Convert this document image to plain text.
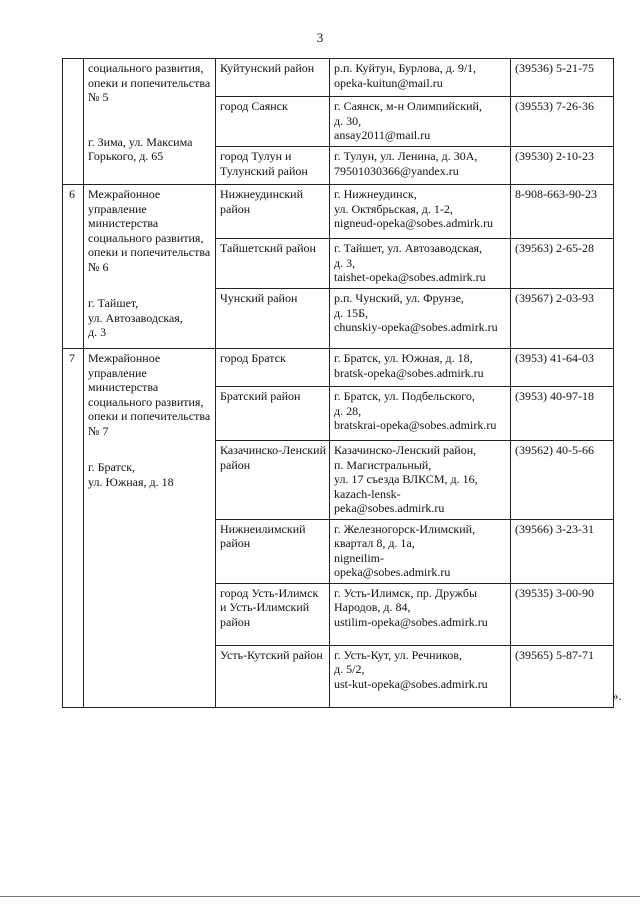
3

	социального развития, опеки и попечительства № 5
г. Зима, ул. Максима Горького, д. 65	Куйтунский район	р.п. Куйтун, Бурлова, д. 9/1,
opeka-kuitun@mail.ru	(39536) 5-21-75
		город Саянск	г. Саянск, м-н Олимпийский,
д. 30,
ansay2011@mail.ru	(39553) 7-26-36
		город Тулун и Тулунский район	г. Тулун, ул. Ленина, д. 30А,
79501030366@yandex.ru	(39530) 2-10-23
6	Межрайонное управление министерства социального развития, опеки и попечительства № 6
г. Тайшет,
ул. Автозаводская,
д. 3	Нижнеудинский район	г. Нижнеудинск,
ул. Октябрьская, д. 1-2,
nigneud-opeka@sobes.admirk.ru	8-908-663-90-23
		Тайшетский район	г. Тайшет, ул. Автозаводская,
д. 3,
taishet-opeka@sobes.admirk.ru	(39563) 2-65-28
		Чунский район	р.п. Чунский, ул. Фрунзе,
д. 15Б,
chunskiy-opeka@sobes.admirk.ru	(39567) 2-03-93
7	Межрайонное управление министерства социального развития, опеки и попечительства № 7
г. Братск,
ул. Южная, д. 18	город Братск	г. Братск, ул. Южная, д. 18,
bratsk-opeka@sobes.admirk.ru	(3953) 41-64-03
		Братский район	г. Братск, ул. Подбельского,
д. 28,
bratskrai-opeka@sobes.admirk.ru	(3953) 40-97-18
		Казачинско-Ленский район	Казачинско-Ленский район,
п. Магистральный,
ул. 17 съезда ВЛКСМ, д. 16,
kazach-lensk-
peka@sobes.admirk.ru	(39562) 40-5-66
		Нижнеилимский район	г. Железногорск-Илимский,
квартал 8, д. 1а,
nigneilim-
opeka@sobes.admirk.ru	(39566) 3-23-31
		город Усть-Илимск
и Усть-Илимский
район	г. Усть-Илимск, пр. Дружбы
Народов, д. 84,
ustilim-opeka@sobes.admirk.ru	(39535) 3-00-90
		Усть-Кутский район	г. Усть-Кут, ул. Речников,
д. 5/2,
ust-kut-opeka@sobes.admirk.ru	(39565) 5-87-71
».
